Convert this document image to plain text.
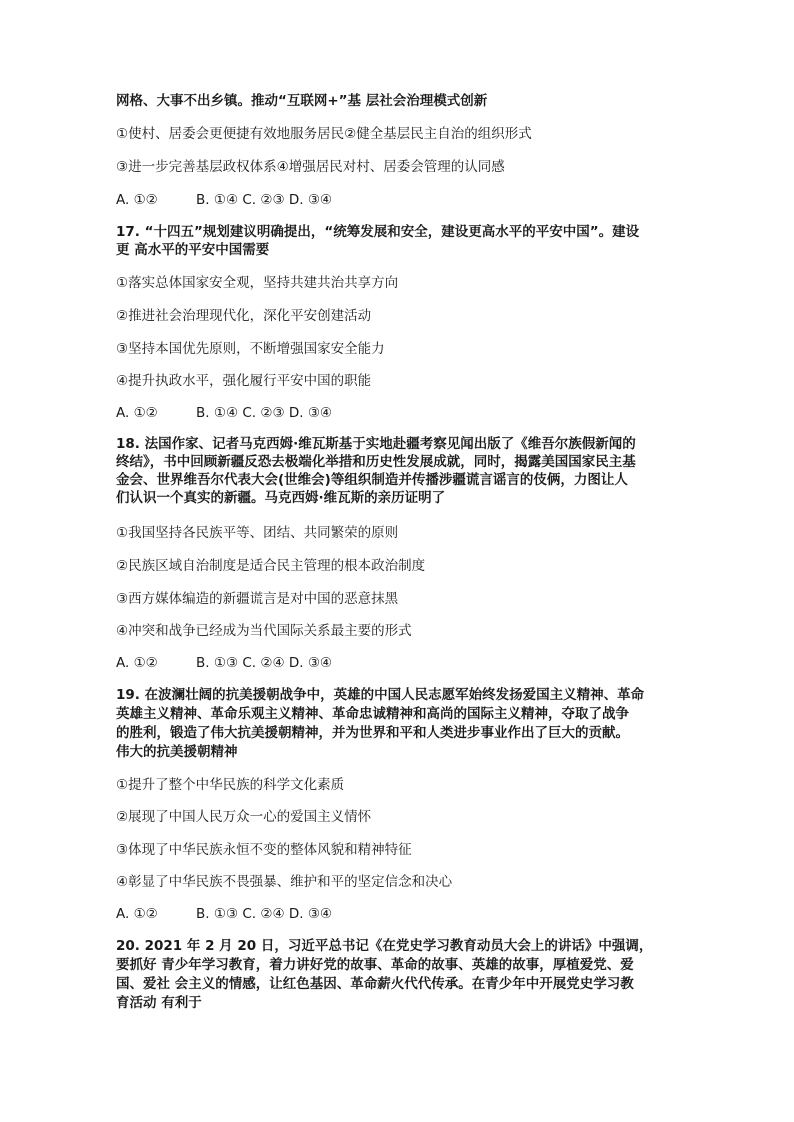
网格、大事不出乡镇。推动“互联网+”基 层社会治理模式创新
①使村、居委会更便捷有效地服务居民②健全基层民主自治的组织形式
③进一步完善基层政权体系④增强居民对村、居委会管理的认同感
A. ①②	B. ①④ C. ②③ D. ③④
17. “十四五”规划建议明确提出，“统筹发展和安全，建设更高水平的平安中国”。建设
更 高水平的平安中国需要
①落实总体国家安全观，坚持共建共治共享方向
②推进社会治理现代化，深化平安创建活动
③坚持本国优先原则，不断增强国家安全能力
④提升执政水平，强化履行平安中国的职能
A. ①②	B. ①④ C. ②③ D. ③④
18. 法国作家、记者马克西姆·维瓦斯基于实地赴疆考察见闻出版了《维吾尔族假新闻的
终结》，书中回顾新疆反恐去极端化举措和历史性发展成就，同时，揭露美国国家民主基
金会、世界维吾尔代表大会(世维会)等组织制造并传播涉疆谎言谣言的伎俩，力图让人
们认识一个真实的新疆。马克西姆·维瓦斯的亲历证明了
①我国坚持各民族平等、团结、共同繁荣的原则
②民族区域自治制度是适合民主管理的根本政治制度
③西方媒体编造的新疆谎言是对中国的恶意抹黑
④冲突和战争已经成为当代国际关系最主要的形式
A. ①②	B. ①③ C. ②④ D. ③④
19. 在波澜壮阔的抗美援朝战争中，英雄的中国人民志愿军始终发扬爱国主义精神、革命
英雄主义精神、革命乐观主义精神、革命忠诚精神和高尚的国际主义精神，夺取了战争
的胜利，锻造了伟大抗美援朝精神，并为世界和平和人类进步事业作出了巨大的贡献。
伟大的抗美援朝精神
①提升了整个中华民族的科学文化素质
②展现了中国人民万众一心的爱国主义情怀
③体现了中华民族永恒不变的整体风貌和精神特征
④彰显了中华民族不畏强暴、维护和平的坚定信念和决心
A. ①②	B. ①③ C. ②④ D. ③④
20. 2021 年 2 月 20 日，习近平总书记《在党史学习教育动员大会上的讲话》中强调，
要抓好 青少年学习教育，着力讲好党的故事、革命的故事、英雄的故事，厚植爱党、爱
国、爱社 会主义的情感，让红色基因、革命薪火代代传承。在青少年中开展党史学习教
育活动 有利于
